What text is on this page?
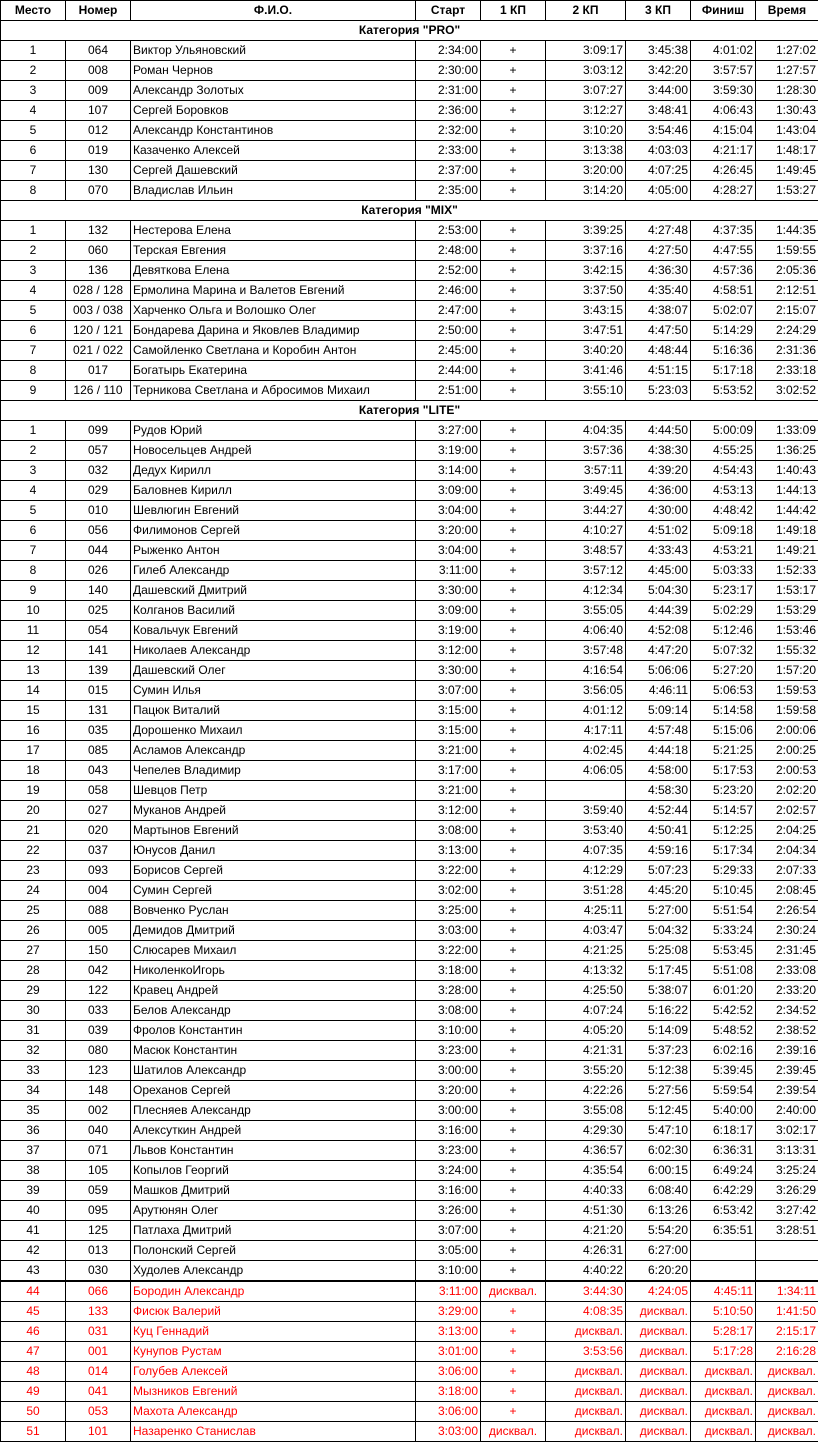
Место	Номер	Ф.И.О.	Старт	1 КП	2 КП	3 КП	Финиш	Время
Категория "PRO"								
1	064	Виктор Ульяновский	2:34:00	+	3:09:17	3:45:38	4:01:02	1:27:02
2	008	Роман Чернов	2:30:00	+	3:03:12	3:42:20	3:57:57	1:27:57
3	009	Александр Золотых	2:31:00	+	3:07:27	3:44:00	3:59:30	1:28:30
4	107	Сергей Боровков	2:36:00	+	3:12:27	3:48:41	4:06:43	1:30:43
5	012	Александр Константинов	2:32:00	+	3:10:20	3:54:46	4:15:04	1:43:04
6	019	Казаченко Алексей	2:33:00	+	3:13:38	4:03:03	4:21:17	1:48:17
7	130	Сергей Дашевский	2:37:00	+	3:20:00	4:07:25	4:26:45	1:49:45
8	070	Владислав Ильин	2:35:00	+	3:14:20	4:05:00	4:28:27	1:53:27
Категория "MIX"								
1	132	Нестерова Елена	2:53:00	+	3:39:25	4:27:48	4:37:35	1:44:35
2	060	Терская Евгения	2:48:00	+	3:37:16	4:27:50	4:47:55	1:59:55
3	136	Девяткова Елена	2:52:00	+	3:42:15	4:36:30	4:57:36	2:05:36
4	028 / 128	Ермолина Марина и Валетов Евгений	2:46:00	+	3:37:50	4:35:40	4:58:51	2:12:51
5	003 / 038	Харченко Ольга и Волошко Олег	2:47:00	+	3:43:15	4:38:07	5:02:07	2:15:07
6	120 / 121	Бондарева Дарина и Яковлев Владимир	2:50:00	+	3:47:51	4:47:50	5:14:29	2:24:29
7	021 / 022	Самойленко Светлана и Коробин Антон	2:45:00	+	3:40:20	4:48:44	5:16:36	2:31:36
8	017	Богатырь Екатерина	2:44:00	+	3:41:46	4:51:15	5:17:18	2:33:18
9	126 / 110	Терникова Светлана и Абросимов Михаил	2:51:00	+	3:55:10	5:23:03	5:53:52	3:02:52
Категория "LITE"								
1	099	Рудов Юрий	3:27:00	+	4:04:35	4:44:50	5:00:09	1:33:09
2	057	Новосельцев Андрей	3:19:00	+	3:57:36	4:38:30	4:55:25	1:36:25
3	032	Дедух Кирилл	3:14:00	+	3:57:11	4:39:20	4:54:43	1:40:43
4	029	Баловнев Кирилл	3:09:00	+	3:49:45	4:36:00	4:53:13	1:44:13
5	010	Шевлюгин Евгений	3:04:00	+	3:44:27	4:30:00	4:48:42	1:44:42
6	056	Филимонов Сергей	3:20:00	+	4:10:27	4:51:02	5:09:18	1:49:18
7	044	Рыженко Антон	3:04:00	+	3:48:57	4:33:43	4:53:21	1:49:21
8	026	Гилеб Александр	3:11:00	+	3:57:12	4:45:00	5:03:33	1:52:33
9	140	Дашевский Дмитрий	3:30:00	+	4:12:34	5:04:30	5:23:17	1:53:17
10	025	Колганов Василий	3:09:00	+	3:55:05	4:44:39	5:02:29	1:53:29
11	054	Ковальчук Евгений	3:19:00	+	4:06:40	4:52:08	5:12:46	1:53:46
12	141	Николаев Александр	3:12:00	+	3:57:48	4:47:20	5:07:32	1:55:32
13	139	Дашевский Олег	3:30:00	+	4:16:54	5:06:06	5:27:20	1:57:20
14	015	Сумин Илья	3:07:00	+	3:56:05	4:46:11	5:06:53	1:59:53
15	131	Пацюк Виталий	3:15:00	+	4:01:12	5:09:14	5:14:58	1:59:58
16	035	Дорошенко Михаил	3:15:00	+	4:17:11	4:57:48	5:15:06	2:00:06
17	085	Асламов Александр	3:21:00	+	4:02:45	4:44:18	5:21:25	2:00:25
18	043	Чепелев Владимир	3:17:00	+	4:06:05	4:58:00	5:17:53	2:00:53
19	058	Шевцов Петр	3:21:00	+		4:58:30	5:23:20	2:02:20
20	027	Муканов Андрей	3:12:00	+	3:59:40	4:52:44	5:14:57	2:02:57
21	020	Мартынов Евгений	3:08:00	+	3:53:40	4:50:41	5:12:25	2:04:25
22	037	Юнусов Данил	3:13:00	+	4:07:35	4:59:16	5:17:34	2:04:34
23	093	Борисов Сергей	3:22:00	+	4:12:29	5:07:23	5:29:33	2:07:33
24	004	Сумин Сергей	3:02:00	+	3:51:28	4:45:20	5:10:45	2:08:45
25	088	Вовченко Руслан	3:25:00	+	4:25:11	5:27:00	5:51:54	2:26:54
26	005	Демидов Дмитрий	3:03:00	+	4:03:47	5:04:32	5:33:24	2:30:24
27	150	Слюсарев Михаил	3:22:00	+	4:21:25	5:25:08	5:53:45	2:31:45
28	042	НиколенкоИгорь	3:18:00	+	4:13:32	5:17:45	5:51:08	2:33:08
29	122	Кравец Андрей	3:28:00	+	4:25:50	5:38:07	6:01:20	2:33:20
30	033	Белов Александр	3:08:00	+	4:07:24	5:16:22	5:42:52	2:34:52
31	039	Фролов Константин	3:10:00	+	4:05:20	5:14:09	5:48:52	2:38:52
32	080	Масюк Константин	3:23:00	+	4:21:31	5:37:23	6:02:16	2:39:16
33	123	Шатилов Александр	3:00:00	+	3:55:20	5:12:38	5:39:45	2:39:45
34	148	Ореханов Сергей	3:20:00	+	4:22:26	5:27:56	5:59:54	2:39:54
35	002	Плесняев Александр	3:00:00	+	3:55:08	5:12:45	5:40:00	2:40:00
36	040	Алексуткин Андрей	3:16:00	+	4:29:30	5:47:10	6:18:17	3:02:17
37	071	Львов Константин	3:23:00	+	4:36:57	6:02:30	6:36:31	3:13:31
38	105	Копылов Георгий	3:24:00	+	4:35:54	6:00:15	6:49:24	3:25:24
39	059	Машков Дмитрий	3:16:00	+	4:40:33	6:08:40	6:42:29	3:26:29
40	095	Арутюнян Олег	3:26:00	+	4:51:30	6:13:26	6:53:42	3:27:42
41	125	Патлаха Дмитрий	3:07:00	+	4:21:20	5:54:20	6:35:51	3:28:51
42	013	Полонский Сергей	3:05:00	+	4:26:31	6:27:00		
43	030	Худолев Александр	3:10:00	+	4:40:22	6:20:20		
44	066	Бородин Александр	3:11:00	дисквал.	3:44:30	4:24:05	4:45:11	1:34:11
45	133	Фисюк Валерий	3:29:00	+	4:08:35	дисквал.	5:10:50	1:41:50
46	031	Куц Геннадий	3:13:00	+	дисквал.	дисквал.	5:28:17	2:15:17
47	001	Кунупов Рустам	3:01:00	+	3:53:56	дисквал.	5:17:28	2:16:28
48	014	Голубев Алексей	3:06:00	+	дисквал.	дисквал.	дисквал.	дисквал.
49	041	Мызников Евгений	3:18:00	+	дисквал.	дисквал.	дисквал.	дисквал.
50	053	Махота Александр	3:06:00	+	дисквал.	дисквал.	дисквал.	дисквал.
51	101	Назаренко Станислав	3:03:00	дисквал.	дисквал.	дисквал.	дисквал.	дисквал.
